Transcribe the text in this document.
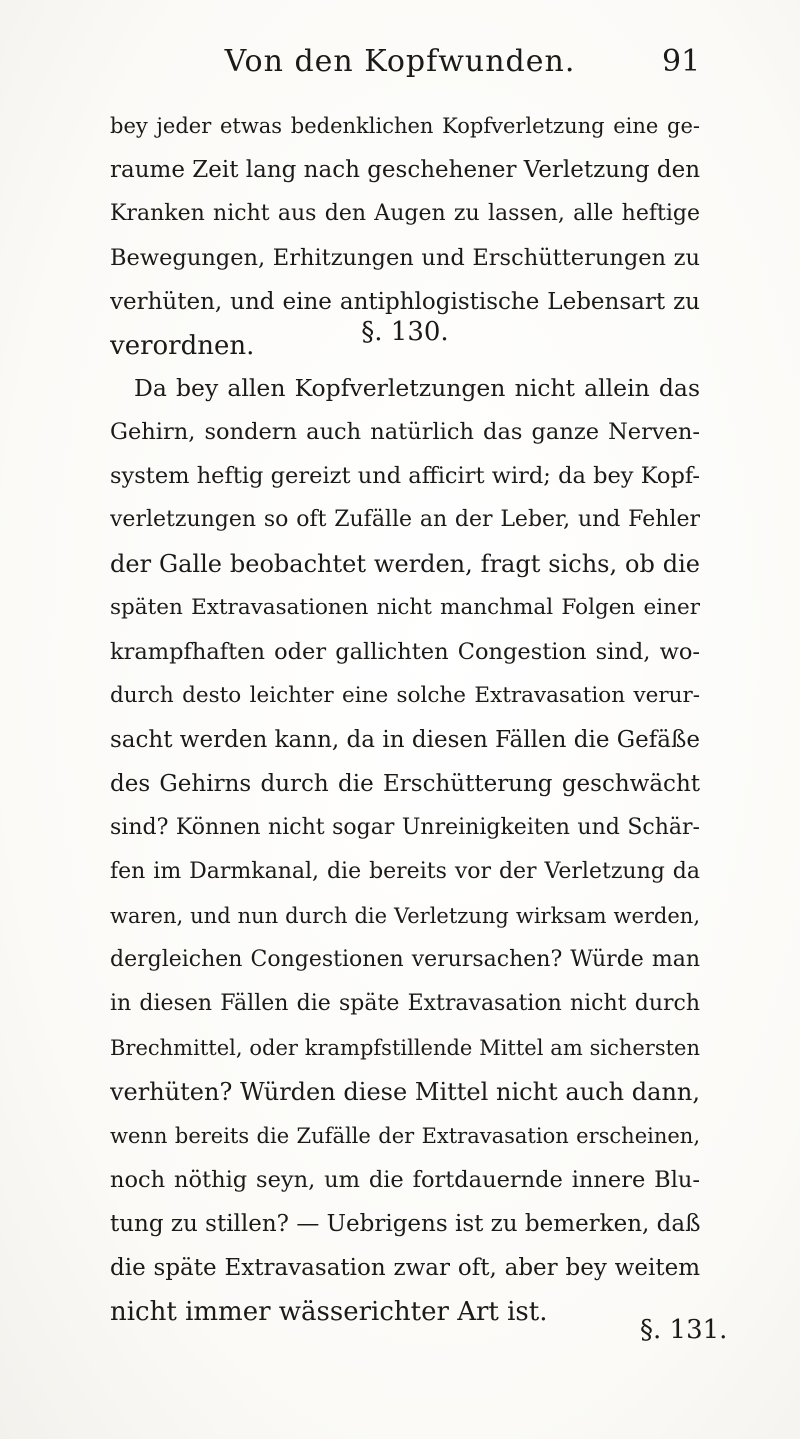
Von den Kopfwunden.	91
bey jeder etwas bedenklichen Kopfverletzung eine ge-
raume Zeit lang nach geschehener Verletzung den
Kranken nicht aus den Augen zu lassen, alle heftige
Bewegungen, Erhitzungen und Erschütterungen zu
verhüten, und eine antiphlogistische Lebensart zu
verordnen.	§. 130.
Da bey allen Kopfverletzungen nicht allein das
Gehirn, sondern auch natürlich das ganze Nerven-
system heftig gereizt und afficirt wird; da bey Kopf-
verletzungen so oft Zufälle an der Leber, und Fehler
der Galle beobachtet werden, fragt sichs, ob die
späten Extravasationen nicht manchmal Folgen einer
krampfhaften oder gallichten Congestion sind, wo-
durch desto leichter eine solche Extravasation verur-
sacht werden kann, da in diesen Fällen die Gefäße
des Gehirns durch die Erschütterung geschwächt
sind? Können nicht sogar Unreinigkeiten und Schär-
fen im Darmkanal, die bereits vor der Verletzung da
waren, und nun durch die Verletzung wirksam werden,
dergleichen Congestionen verursachen? Würde man
in diesen Fällen die späte Extravasation nicht durch
Brechmittel, oder krampfstillende Mittel am sichersten
verhüten? Würden diese Mittel nicht auch dann,
wenn bereits die Zufälle der Extravasation erscheinen,
noch nöthig seyn, um die fortdauernde innere Blu-
tung zu stillen? — Uebrigens ist zu bemerken, daß
die späte Extravasation zwar oft, aber bey weitem
nicht immer wässerichter Art ist.
§. 131.
